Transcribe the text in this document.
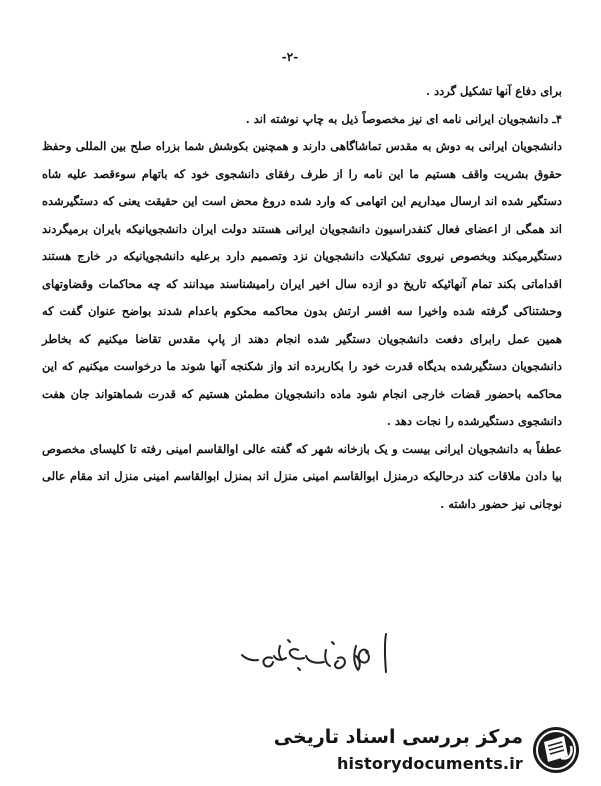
-۲-

برای دفاع آنها تشکیل گردد .

۴ـ دانشجویان ایرانی نامه ای نیز مخصوصاً ذیل به چاپ نوشته اند .

دانشجویان ایرانی به دوش به مقدس تماشاگاهی دارند و همچنین بکوشش شما بزراه صلح بین المللی وحفظ حقوق بشریت واقف هستیم ما این نامه را از طرف رفقای دانشجوی خود که باتهام سوءقصد علیه شاه دستگیر شده اند ارسال میداریم این اتهامی که وارد شده دروغ محض است این حقیقت یعنی که دستگیرشده اند همگی از اعضای فعال کنفدراسیون دانشجویان ایرانی هستند دولت ایران دانشجویانیکه بایران برمیگردند دستگیرمیکند وبخصوص نیروی تشکیلات دانشجویان نزد وتصمیم دارد برعلیه دانشجویانیکه در خارج هستند اقداماتی بکند تمام آنهائیکه تاریخ دو ازده سال اخیر ایران رامیشناسند میدانند که چه محاکمات وقضاوتهای وحشتناکی گرفته شده واخیرا سه افسر ارتش بدون محاکمه محکوم باعدام شدند بواضح عنوان گفت که همین عمل رابرای دفعت دانشجویان دستگیر شده انجام دهند از پاپ مقدس تقاضا میکنیم که بخاطر دانشجویان دستگیرشده بدیگاه قدرت خود را بکاربرده اند واز شکنجه آنها شوند ما درخواست میکنیم که این محاکمه باحضور قضات خارجی انجام شود ماده دانشجویان مطمئن هستیم که قدرت شماهتواند جان هفت دانشجوی دستگیرشده را نجات دهد .

عطفاً به دانشجویان ایرانی بیست و یک بازخانه شهر که گفته عالی اوالقاسم امینی رفته تا کلیسای مخصوص بیا دادن ملاقات کند درحالیکه درمنزل ابوالقاسم امینی منزل اند بمنزل ابوالقاسم امینی منزل اند مقام عالی نوجانی نیز حضور داشته .

مرکز بررسی اسناد تاریخی
historydocuments.ir
